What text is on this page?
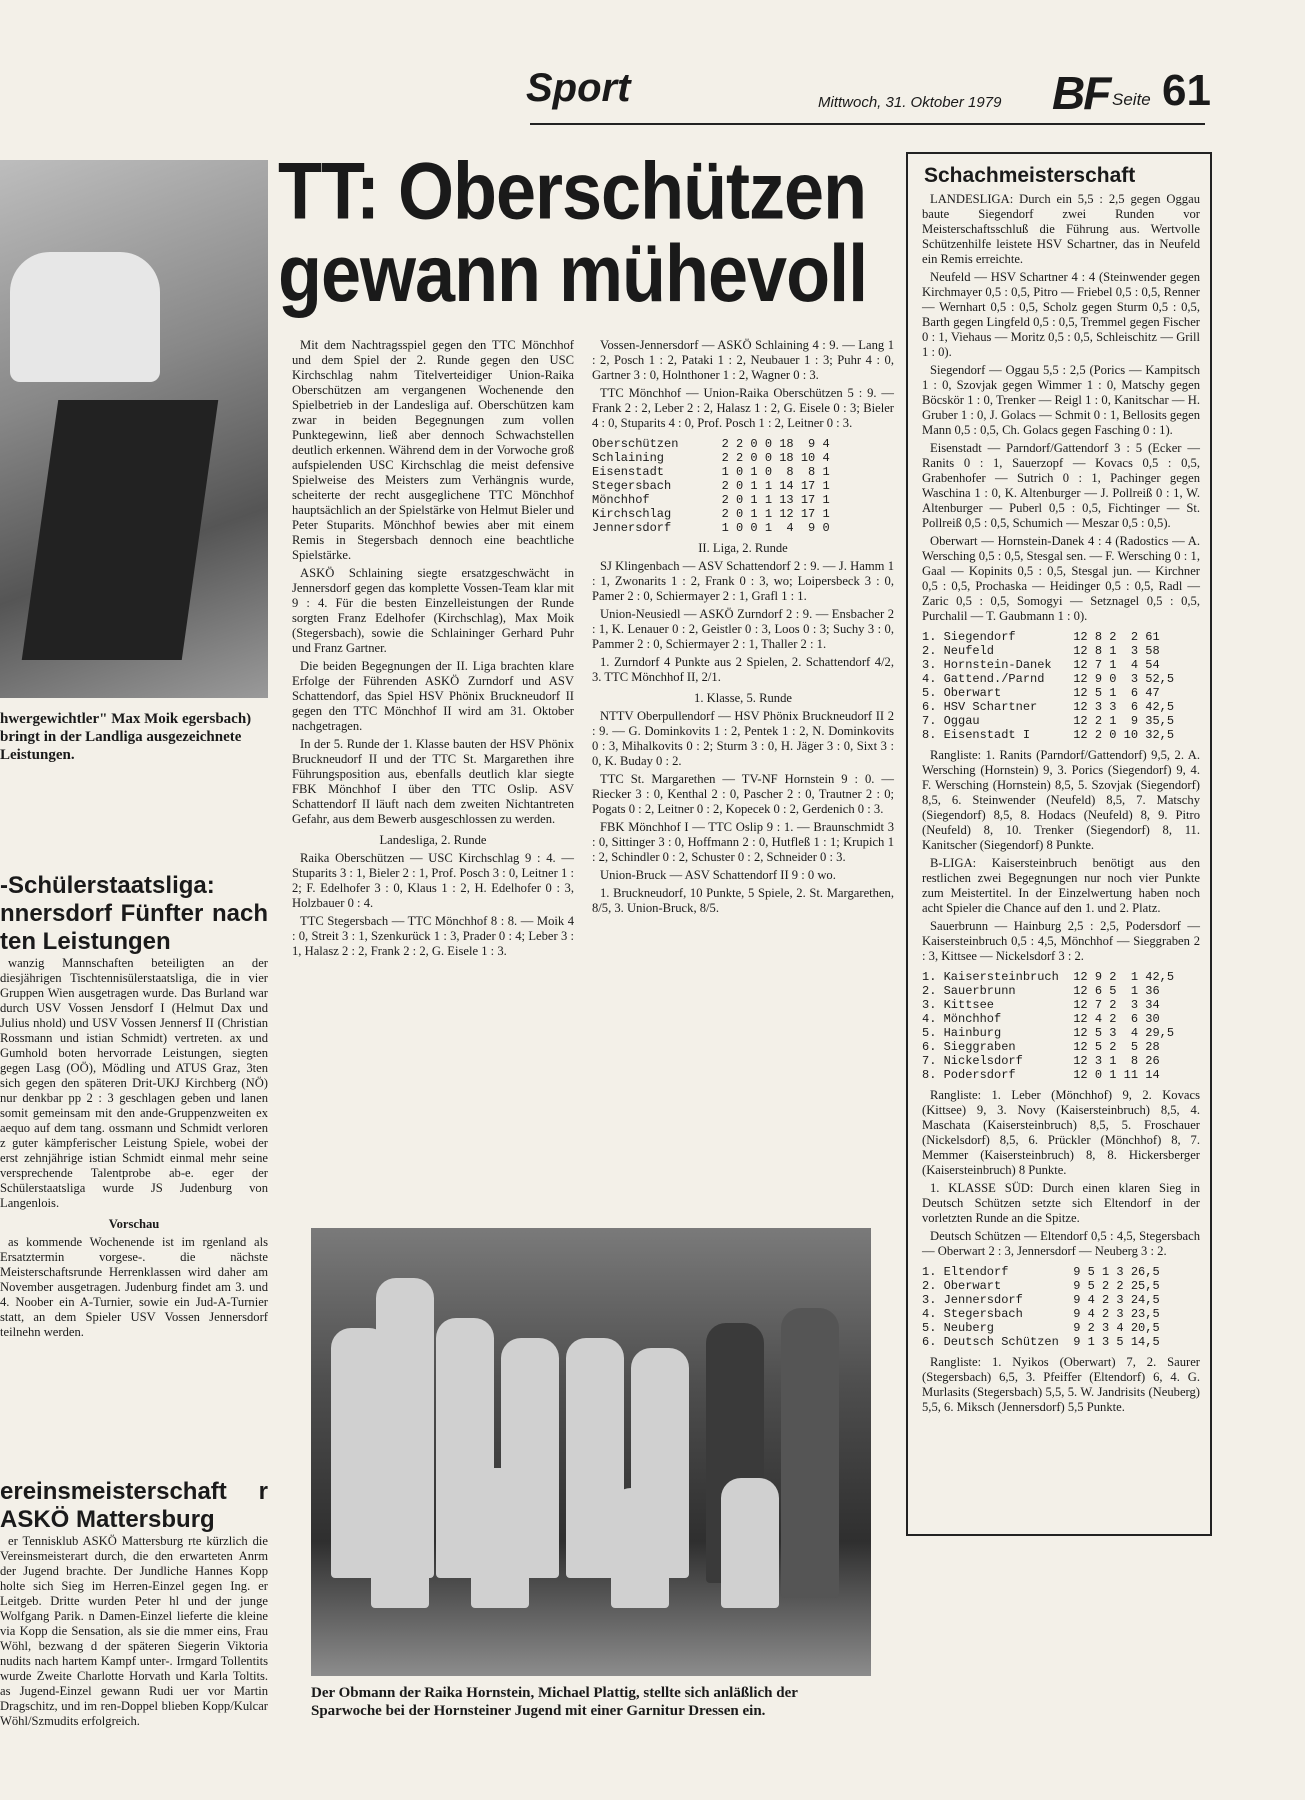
Sport	Mittwoch, 31. Oktober 1979 BF Seite 61
hwergewichtler" Max Moik egersbach) bringt in der Landliga ausgezeichnete Leistungen.
TT: Oberschützen gewann mühevoll

Mit dem Nachtragsspiel gegen den TTC Mönchhof und dem Spiel der 2. Runde gegen den USC Kirchschlag nahm Titelverteidiger Union-Raika Oberschützen am vergangenen Wochenende den Spielbetrieb in der Landesliga auf. Oberschützen kam zwar in beiden Begegnungen zum vollen Punktegewinn, ließ aber dennoch Schwachstellen deutlich erkennen. Während dem in der Vorwoche groß aufspielenden USC Kirchschlag die meist defensive Spielweise des Meisters zum Verhängnis wurde, scheiterte der recht ausgeglichene TTC Mönchhof hauptsächlich an der Spielstärke von Helmut Bieler und Peter Stuparits. Mönchhof bewies aber mit einem Remis in Stegersbach dennoch eine beachtliche Spielstärke.

ASKÖ Schlaining siegte ersatzgeschwächt in Jennersdorf gegen das komplette Vossen-Team klar mit 9 : 4. Für die besten Einzelleistungen der Runde sorgten Franz Edelhofer (Kirchschlag), Max Moik (Stegersbach), sowie die Schlaininger Gerhard Puhr und Franz Gartner.

Die beiden Begegnungen der II. Liga brachten klare Erfolge der Führenden ASKÖ Zurndorf und ASV Schattendorf, das Spiel HSV Phönix Bruckneudorf II gegen den TTC Mönchhof II wird am 31. Oktober nachgetragen.

In der 5. Runde der 1. Klasse bauten der HSV Phönix Bruckneudorf II und der TTC St. Margarethen ihre Führungsposition aus, ebenfalls deutlich klar siegte FBK Mönchhof I über den TTC Oslip. ASV Schattendorf II läuft nach dem zweiten Nichtantreten Gefahr, aus dem Bewerb ausgeschlossen zu werden.

Landesliga, 2. Runde

Raika Oberschützen — USC Kirchschlag 9 : 4. — Stuparits 3 : 1, Bieler 2 : 1, Prof. Posch 3 : 0, Leitner 1 : 2; F. Edelhofer 3 : 0, Klaus 1 : 2, H. Edelhofer 0 : 3, Holzbauer 0 : 4.

TTC Stegersbach — TTC Mönchhof 8 : 8. — Moik 4 : 0, Streit 3 : 1, Szenkurück 1 : 3, Prader 0 : 4; Leber 3 : 1, Halasz 2 : 2, Frank 2 : 2, G. Eisele 1 : 3.

Vossen-Jennersdorf — ASKÖ Schlaining 4 : 9. — Lang 1 : 2, Posch 1 : 2, Pataki 1 : 2, Neubauer 1 : 3; Puhr 4 : 0, Gartner 3 : 0, Holnthoner 1 : 2, Wagner 0 : 3.

TTC Mönchhof — Union-Raika Oberschützen 5 : 9. — Frank 2 : 2, Leber 2 : 2, Halasz 1 : 2, G. Eisele 0 : 3; Bieler 4 : 0, Stuparits 4 : 0, Prof. Posch 1 : 2, Leitner 0 : 3.

Oberschützen      2 2 0 0 18  9 4
Schlaining        2 2 0 0 18 10 4
Eisenstadt        1 0 1 0  8  8 1
Stegersbach       2 0 1 1 14 17 1
Mönchhof          2 0 1 1 13 17 1
Kirchschlag       2 0 1 1 12 17 1
Jennersdorf       1 0 0 1  4  9 0
II. Liga, 2. Runde

SJ Klingenbach — ASV Schattendorf 2 : 9. — J. Hamm 1 : 1, Zwonarits 1 : 2, Frank 0 : 3, wo; Loipersbeck 3 : 0, Pamer 2 : 0, Schiermayer 2 : 1, Grafl 1 : 1.

Union-Neusiedl — ASKÖ Zurndorf 2 : 9. — Ensbacher 2 : 1, K. Lenauer 0 : 2, Geistler 0 : 3, Loos 0 : 3; Suchy 3 : 0, Pammer 2 : 0, Schiermayer 2 : 1, Thaller 2 : 1.

1. Zurndorf 4 Punkte aus 2 Spielen, 2. Schattendorf 4/2, 3. TTC Mönchhof II, 2/1.

1. Klasse, 5. Runde

NTTV Oberpullendorf — HSV Phönix Bruckneudorf II 2 : 9. — G. Dominkovits 1 : 2, Pentek 1 : 2, N. Dominkovits 0 : 3, Mihalkovits 0 : 2; Sturm 3 : 0, H. Jäger 3 : 0, Sixt 3 : 0, K. Buday 0 : 2.

TTC St. Margarethen — TV-NF Hornstein 9 : 0. — Riecker 3 : 0, Kenthal 2 : 0, Pascher 2 : 0, Trautner 2 : 0; Pogats 0 : 2, Leitner 0 : 2, Kopecek 0 : 2, Gerdenich 0 : 3.

FBK Mönchhof I — TTC Oslip 9 : 1. — Braunschmidt 3 : 0, Sittinger 3 : 0, Hoffmann 2 : 0, Hutfleß 1 : 1; Krupich 1 : 2, Schindler 0 : 2, Schuster 0 : 2, Schneider 0 : 3.

Union-Bruck — ASV Schattendorf II 9 : 0 wo.

1. Bruckneudorf, 10 Punkte, 5 Spiele, 2. St. Margarethen, 8/5, 3. Union-Bruck, 8/5.

-Schülerstaatsliga: nnersdorf Fünfter nach ten Leistungen

wanzig Mannschaften beteiligten an der diesjährigen Tischtennisülerstaatsliga, die in vier Gruppen Wien ausgetragen wurde. Das Burland war durch USV Vossen Jensdorf I (Helmut Dax und Julius nhold) und USV Vossen Jennersf II (Christian Rossmann und istian Schmidt) vertreten. ax und Gumhold boten hervorrade Leistungen, siegten gegen Lasg (OÖ), Mödling und ATUS Graz, 3ten sich gegen den späteren Drit-UKJ Kirchberg (NÖ) nur denkbar pp 2 : 3 geschlagen geben und lanen somit gemeinsam mit den ande-Gruppenzweiten ex aequo auf dem tang. ossmann und Schmidt verloren z guter kämpferischer Leistung Spiele, wobei der erst zehnjährige istian Schmidt einmal mehr seine versprechende Talentprobe ab-e. eger der Schülerstaatsliga wurde JS Judenburg von Langenlois.

Vorschau

as kommende Wochenende ist im rgenland als Ersatztermin vorgese-. die nächste Meisterschaftsrunde Herrenklassen wird daher am November ausgetragen. Judenburg findet am 3. und 4. Noober ein A-Turnier, sowie ein Jud-A-Turnier statt, an dem Spieler USV Vossen Jennersdorf teilnehn werden.

ereinsmeisterschaft r ASKÖ Mattersburg

er Tennisklub ASKÖ Mattersburg rte kürzlich die Vereinsmeisterart durch, die den erwarteten Anrm der Jugend brachte. Der Jundliche Hannes Kopp holte sich Sieg im Herren-Einzel gegen Ing. er Leitgeb. Dritte wurden Peter hl und der junge Wolfgang Parik. n Damen-Einzel lieferte die kleine via Kopp die Sensation, als sie die mmer eins, Frau Wöhl, bezwang d der späteren Siegerin Viktoria nudits nach hartem Kampf unter-. Irmgard Tollentits wurde Zweite Charlotte Horvath und Karla Toltits. as Jugend-Einzel gewann Rudi uer vor Martin Dragschitz, und im ren-Doppel blieben Kopp/Kulcar Wöhl/Szmudits erfolgreich.

Schachmeisterschaft

LANDESLIGA: Durch ein 5,5 : 2,5 gegen Oggau baute Siegendorf zwei Runden vor Meisterschaftsschluß die Führung aus. Wertvolle Schützenhilfe leistete HSV Schartner, das in Neufeld ein Remis erreichte.

Neufeld — HSV Schartner 4 : 4 (Steinwender gegen Kirchmayer 0,5 : 0,5, Pitro — Friebel 0,5 : 0,5, Renner — Wernhart 0,5 : 0,5, Scholz gegen Sturm 0,5 : 0,5, Barth gegen Lingfeld 0,5 : 0,5, Tremmel gegen Fischer 0 : 1, Viehaus — Moritz 0,5 : 0,5, Schleischitz — Grill 1 : 0).

Siegendorf — Oggau 5,5 : 2,5 (Porics — Kampitsch 1 : 0, Szovjak gegen Wimmer 1 : 0, Matschy gegen Böcskör 1 : 0, Trenker — Reigl 1 : 0, Kanitschar — H. Gruber 1 : 0, J. Golacs — Schmit 0 : 1, Bellosits gegen Mann 0,5 : 0,5, Ch. Golacs gegen Fasching 0 : 1).

Eisenstadt — Parndorf/Gattendorf 3 : 5 (Ecker — Ranits 0 : 1, Sauerzopf — Kovacs 0,5 : 0,5, Grabenhofer — Sutrich 0 : 1, Pachinger gegen Waschina 1 : 0, K. Altenburger — J. Pollreiß 0 : 1, W. Altenburger — Puberl 0,5 : 0,5, Fichtinger — St. Pollreiß 0,5 : 0,5, Schumich — Meszar 0,5 : 0,5).

Oberwart — Hornstein-Danek 4 : 4 (Radostics — A. Wersching 0,5 : 0,5, Stesgal sen. — F. Wersching 0 : 1, Gaal — Kopinits 0,5 : 0,5, Stesgal jun. — Kirchner 0,5 : 0,5, Prochaska — Heidinger 0,5 : 0,5, Radl — Zaric 0,5 : 0,5, Somogyi — Setznagel 0,5 : 0,5, Purchalil — T. Gaubmann 1 : 0).

1. Siegendorf        12 8 2  2 61
2. Neufeld           12 8 1  3 58
3. Hornstein-Danek   12 7 1  4 54
4. Gattend./Parnd    12 9 0  3 52,5
5. Oberwart          12 5 1  6 47
6. HSV Schartner     12 3 3  6 42,5
7. Oggau             12 2 1  9 35,5
8. Eisenstadt I      12 2 0 10 32,5

Rangliste: 1. Ranits (Parndorf/Gattendorf) 9,5, 2. A. Wersching (Hornstein) 9, 3. Porics (Siegendorf) 9, 4. F. Wersching (Hornstein) 8,5, 5. Szovjak (Siegendorf) 8,5, 6. Steinwender (Neufeld) 8,5, 7. Matschy (Siegendorf) 8,5, 8. Hodacs (Neufeld) 8, 9. Pitro (Neufeld) 8, 10. Trenker (Siegendorf) 8, 11. Kanitscher (Siegendorf) 8 Punkte.

B-LIGA: Kaisersteinbruch benötigt aus den restlichen zwei Begegnungen nur noch vier Punkte zum Meistertitel. In der Einzelwertung haben noch acht Spieler die Chance auf den 1. und 2. Platz.

Sauerbrunn — Hainburg 2,5 : 2,5, Podersdorf — Kaisersteinbruch 0,5 : 4,5, Mönchhof — Sieggraben 2 : 3, Kittsee — Nickelsdorf 3 : 2.

1. Kaisersteinbruch  12 9 2  1 42,5
2. Sauerbrunn        12 6 5  1 36
3. Kittsee           12 7 2  3 34
4. Mönchhof          12 4 2  6 30
5. Hainburg          12 5 3  4 29,5
6. Sieggraben        12 5 2  5 28
7. Nickelsdorf       12 3 1  8 26
8. Podersdorf        12 0 1 11 14

Rangliste: 1. Leber (Mönchhof) 9, 2. Kovacs (Kittsee) 9, 3. Novy (Kaisersteinbruch) 8,5, 4. Maschata (Kaisersteinbruch) 8,5, 5. Froschauer (Nickelsdorf) 8,5, 6. Prückler (Mönchhof) 8, 7. Memmer (Kaisersteinbruch) 8, 8. Hickersberger (Kaisersteinbruch) 8 Punkte.

1. KLASSE SÜD: Durch einen klaren Sieg in Deutsch Schützen setzte sich Eltendorf in der vorletzten Runde an die Spitze.

Deutsch Schützen — Eltendorf 0,5 : 4,5, Stegersbach — Oberwart 2 : 3, Jennersdorf — Neuberg 3 : 2.

1. Eltendorf         9 5 1 3 26,5
2. Oberwart          9 5 2 2 25,5
3. Jennersdorf       9 4 2 3 24,5
4. Stegersbach       9 4 2 3 23,5
5. Neuberg           9 2 3 4 20,5
6. Deutsch Schützen  9 1 3 5 14,5

Rangliste: 1. Nyikos (Oberwart) 7, 2. Saurer (Stegersbach) 6,5, 3. Pfeiffer (Eltendorf) 6, 4. G. Murlasits (Stegersbach) 5,5, 5. W. Jandrisits (Neuberg) 5,5, 6. Miksch (Jennersdorf) 5,5 Punkte.

Der Obmann der Raika Hornstein, Michael Plattig, stellte sich anläßlich der Sparwoche bei der Hornsteiner Jugend mit einer Garnitur Dressen ein.
